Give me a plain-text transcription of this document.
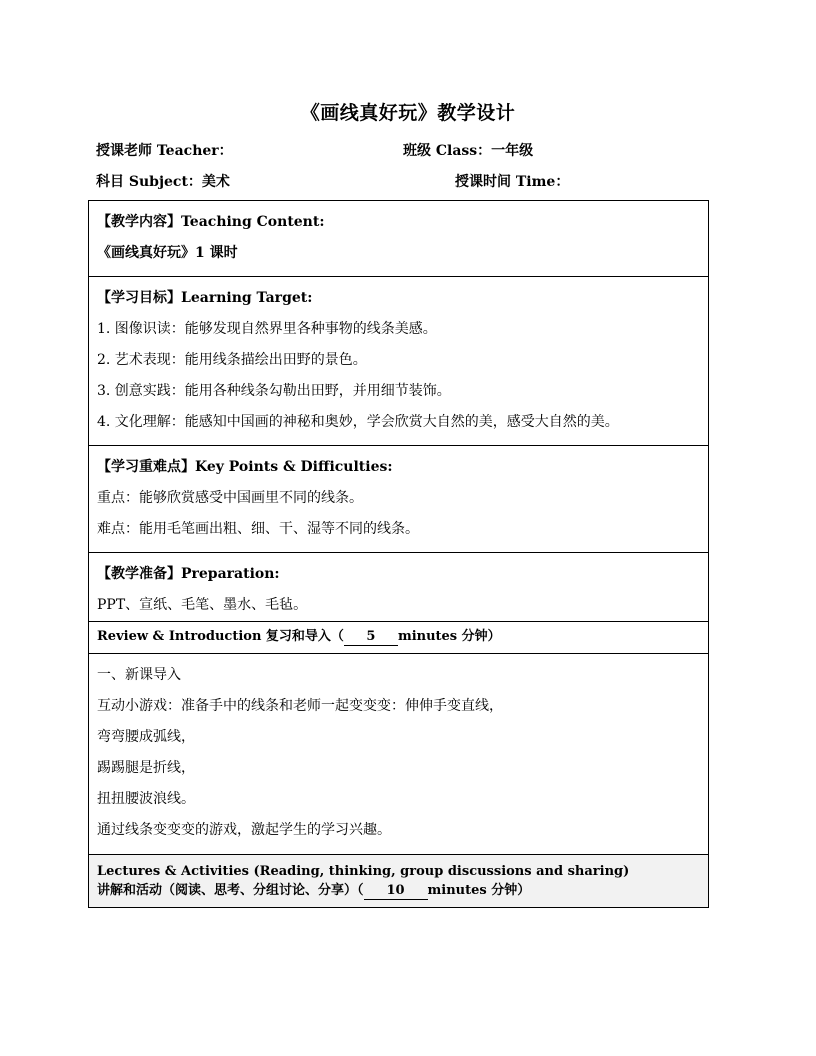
《画线真好玩》教学设计
授课老师 Teacher：	班级 Class：一年级
科目 Subject：美术	授课时间 Time：
【教学内容】Teaching Content:
《画线真好玩》1 课时
【学习目标】Learning Target:
1. 图像识读：能够发现自然界里各种事物的线条美感。
2. 艺术表现：能用线条描绘出田野的景色。
3. 创意实践：能用各种线条勾勒出田野，并用细节装饰。
4. 文化理解：能感知中国画的神秘和奥妙，学会欣赏大自然的美，感受大自然的美。
【学习重难点】Key Points & Difficulties:
重点：能够欣赏感受中国画里不同的线条。
难点：能用毛笔画出粗、细、干、湿等不同的线条。
【教学准备】Preparation:
PPT、宣纸、毛笔、墨水、毛毡。
Review & Introduction 复习和导入（ 5 minutes 分钟）
一、新课导入
互动小游戏：准备手中的线条和老师一起变变变：伸伸手变直线，
弯弯腰成弧线，
踢踢腿是折线，
扭扭腰波浪线。
通过线条变变变的游戏，激起学生的学习兴趣。
Lectures & Activities (Reading, thinking, group discussions and sharing)
讲解和活动（阅读、思考、分组讨论、分享）（ 10 minutes 分钟）
